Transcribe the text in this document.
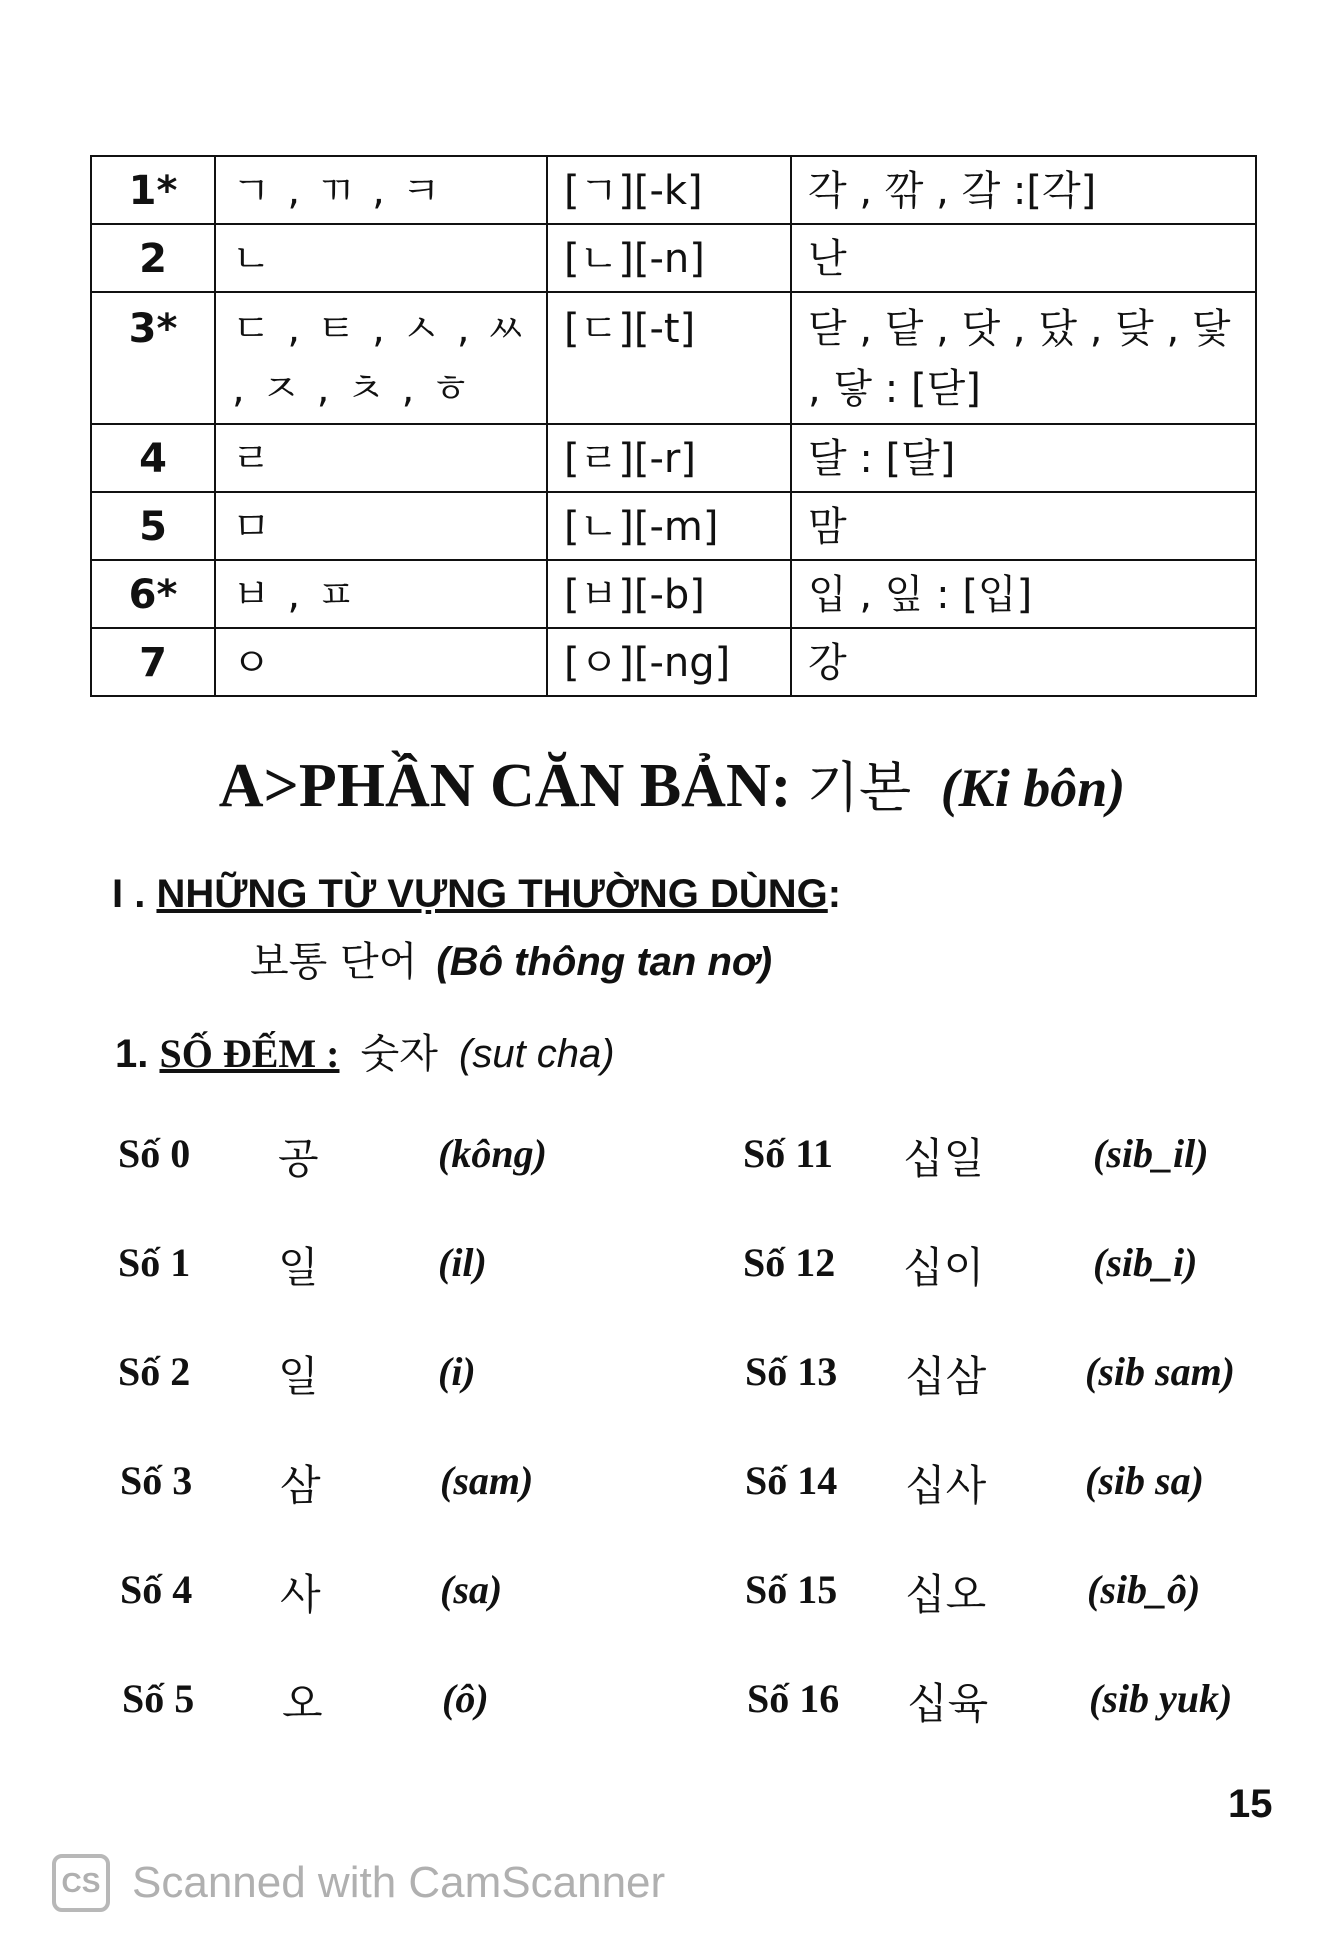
1*	ㄱ , ㄲ , ㅋ	[ㄱ][-k]	각 , 깎 , 갘 :[각]
2	ㄴ	[ㄴ][-n]	난
3*	ㄷ , ㅌ , ㅅ , ㅆ , ㅈ , ㅊ , ㅎ	[ㄷ][-t]	닫 , 닽 , 닷 , 닸 , 닺 , 닻 , 닿 : [닫]
4	ㄹ	[ㄹ][-r]	달 : [달]
5	ㅁ	[ㄴ][-m]	맘
6*	ㅂ , ㅍ	[ㅂ][-b]	입 , 잎 : [입]
7	ㅇ	[ㅇ][-ng]	강
A>PHẦN CĂN BẢN: 기본 (Ki bôn)
I . NHỮNG TỪ VỰNG THƯỜNG DÙNG:
보통 단어 (Bô thông tan nơ)
1. SỐ ĐẾM : 숫자 (sut cha)
Số 0 공	(kông)
Số 1 일	(il)
Số 2 일	(i)
Số 3 삼	(sam)
Số 4 사	(sa)
Số 5 오	(ô)
Số 11 십일	(sib_il)
Số 12 십이	(sib_i)
Số 13 십삼 (sib sam)
Số 14 십사 (sib sa)
Số 15 십오	(sib_ô)
Số 16 십육	(sib yuk)
15
CS Scanned with CamScanner
